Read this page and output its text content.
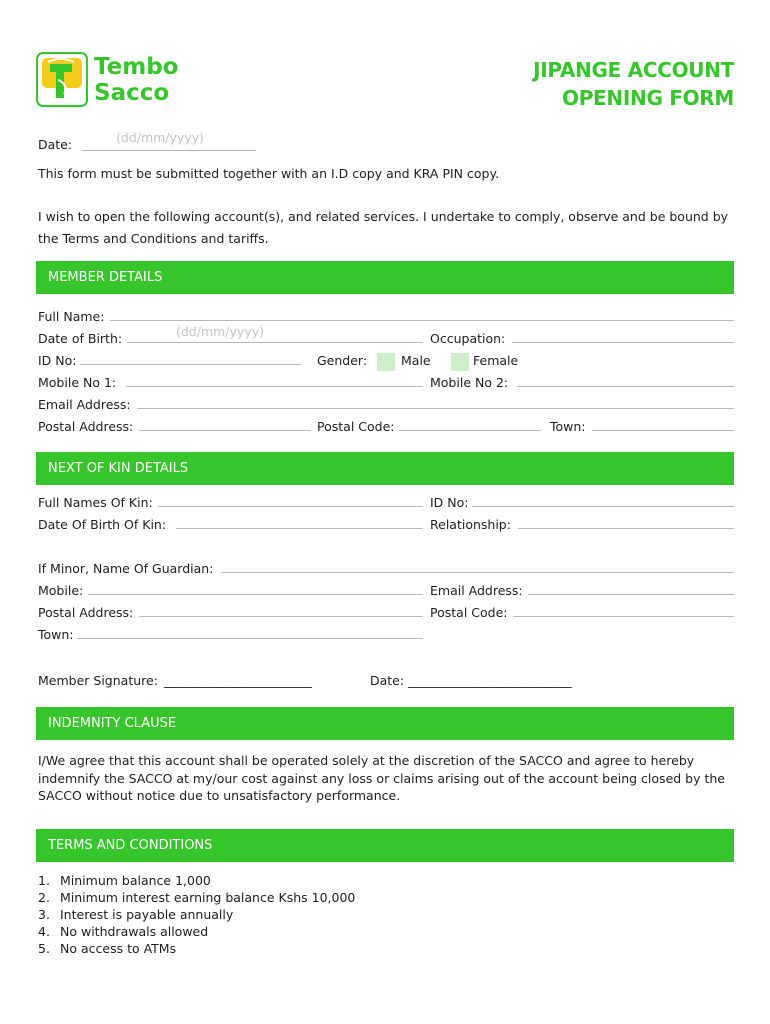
Tembo
Sacco
JIPANGE ACCOUNT
OPENING FORM
Date:	(dd/mm/yyyy)
This form must be submitted together with an I.D copy and KRA PIN copy.
I wish to open the following account(s), and related services. I undertake to comply, observe and be bound by the Terms and Conditions and tariffs.
MEMBER DETAILS
Full Name:
Date of Birth:	(dd/mm/yyyy)	Occupation:
ID No:	Gender:	Male	Female
Mobile No 1:	Mobile No 2:
Email Address:
Postal Address:	Postal Code:	Town:
NEXT OF KIN DETAILS
Full Names Of Kin:	ID No:
Date Of Birth Of Kin:	Relationship:
If Minor, Name Of Guardian:
Mobile:	Email Address:
Postal Address:	Postal Code:
Town:
Member Signature: ____________________________	Date: _______________________________
INDEMNITY CLAUSE
I/We agree that this account shall be operated solely at the discretion of the SACCO and agree to hereby indemnify the SACCO at my/our cost against any loss or claims arising out of the account being closed by the SACCO without notice due to unsatisfactory performance.
TERMS AND CONDITIONS
1. Minimum balance 1,000
2. Minimum interest earning balance Kshs 10,000
3. Interest is payable annually
4. No withdrawals allowed
5. No access to ATMs
